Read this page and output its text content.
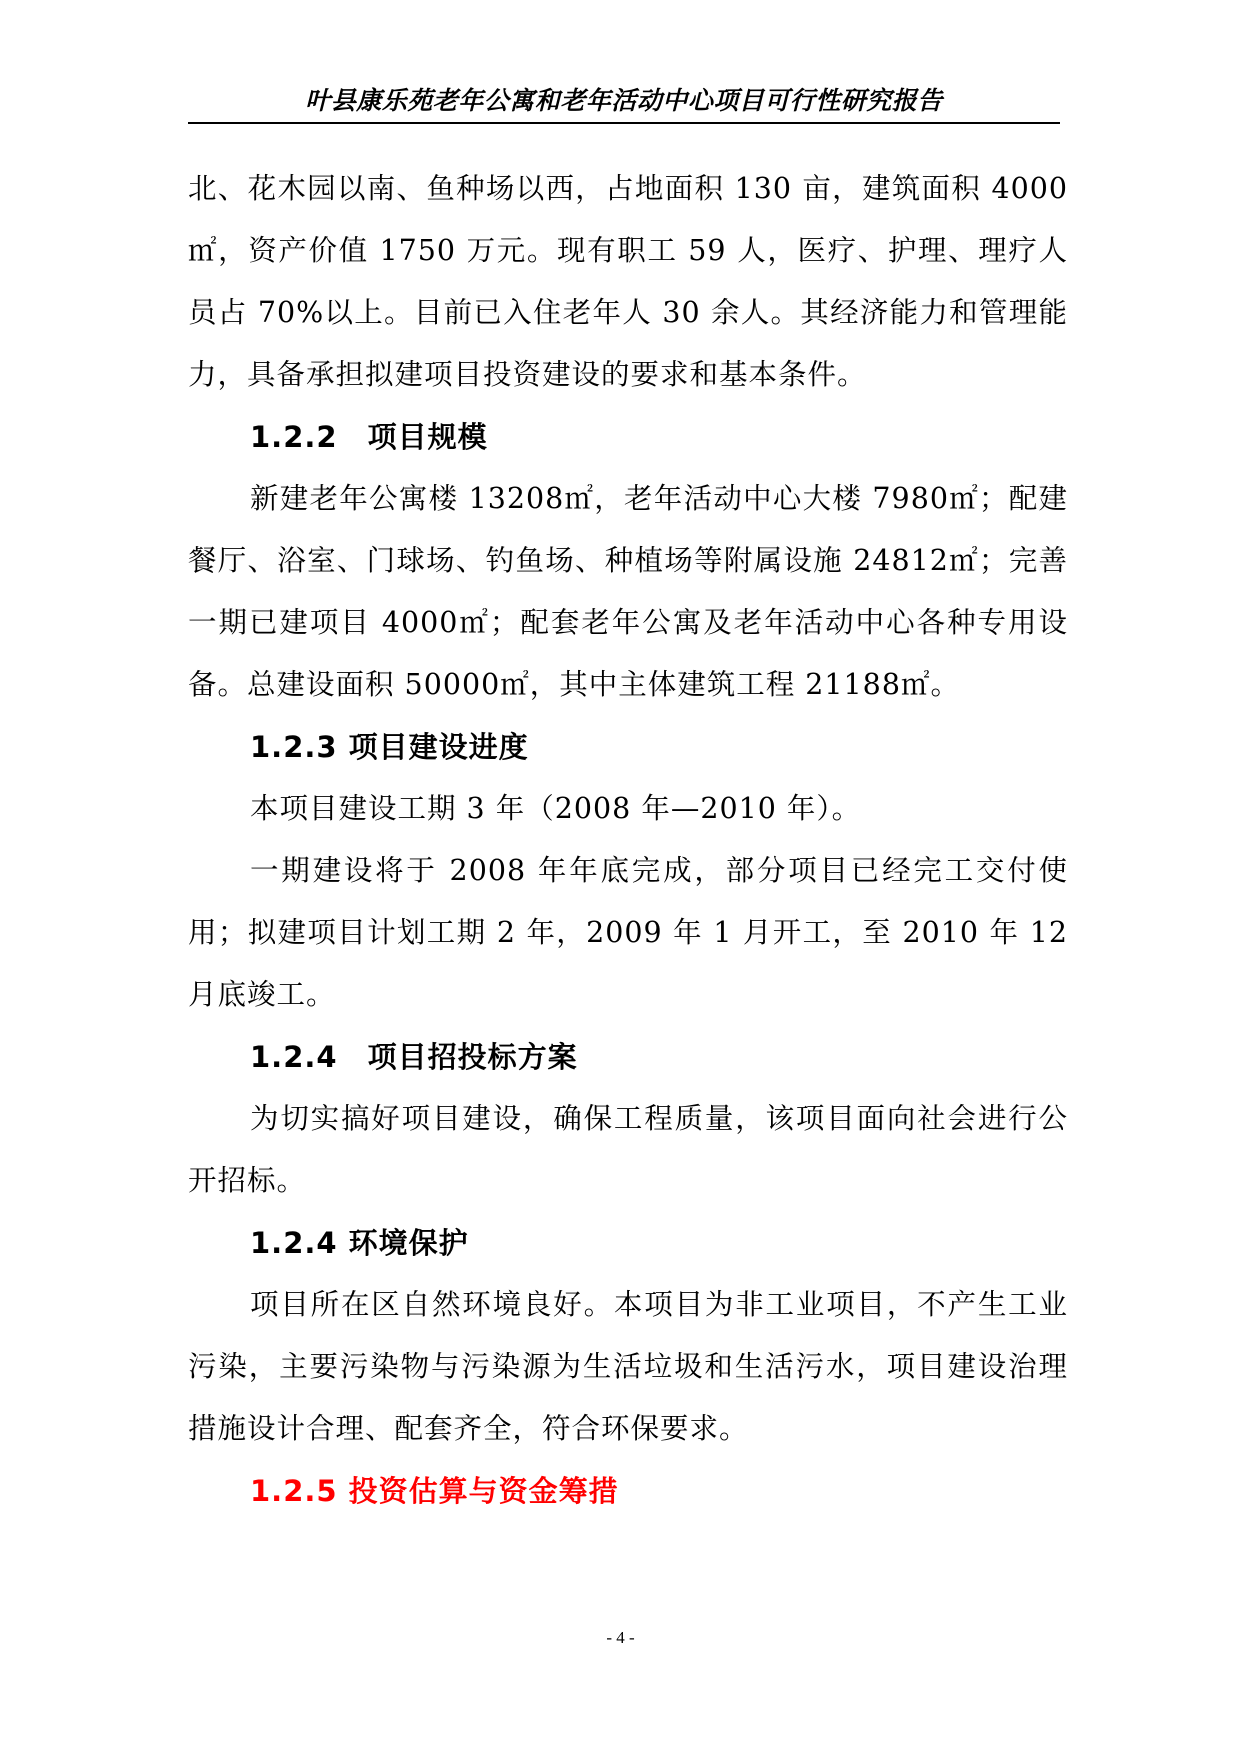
叶县康乐苑老年公寓和老年活动中心项目可行性研究报告

北、花木园以南、鱼种场以西，占地面积 130 亩，建筑面积 4000㎡，资产价值 1750 万元。现有职工 59 人，医疗、护理、理疗人员占 70%以上。目前已入住老年人 30 余人。其经济能力和管理能力，具备承担拟建项目投资建设的要求和基本条件。

1.2.2　项目规模

新建老年公寓楼 13208㎡，老年活动中心大楼 7980㎡；配建餐厅、浴室、门球场、钓鱼场、种植场等附属设施 24812㎡；完善一期已建项目 4000㎡；配套老年公寓及老年活动中心各种专用设备。总建设面积 50000㎡，其中主体建筑工程 21188㎡。

1.2.3 项目建设进度

本项目建设工期 3 年（2008 年—2010 年）。

一期建设将于 2008 年年底完成，部分项目已经完工交付使用；拟建项目计划工期 2 年，2009 年 1 月开工，至 2010 年 12 月底竣工。

1.2.4　项目招投标方案

为切实搞好项目建设，确保工程质量，该项目面向社会进行公开招标。

1.2.4 环境保护

项目所在区自然环境良好。本项目为非工业项目，不产生工业污染，主要污染物与污染源为生活垃圾和生活污水，项目建设治理措施设计合理、配套齐全，符合环保要求。

1.2.5 投资估算与资金筹措

- 4 -
